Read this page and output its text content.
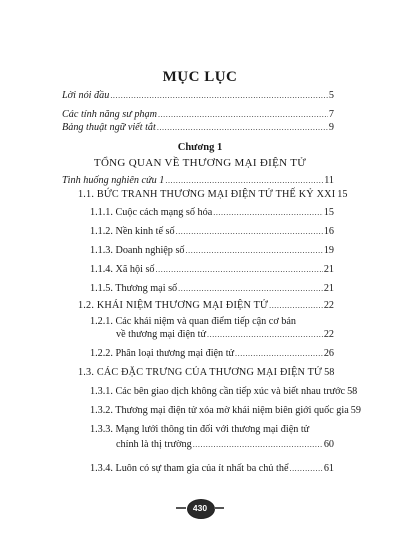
MỤC LỤC
Lời nói đầu .....	5
Các tính năng sư phạm .....	7
Bảng thuật ngữ viết tắt .....	9
Chương 1
TỔNG QUAN VỀ THƯƠNG MẠI ĐIỆN TỬ
Tình huống nghiên cứu 1 .....	11
1.1. BỨC TRANH THƯƠNG MẠI ĐIỆN TỬ THẾ KỶ XXI 15
1.1.1. Cuộc cách mạng số hóa .....	15
1.1.2. Nền kinh tế số .....	16
1.1.3. Doanh nghiệp số .....	19
1.1.4. Xã hội số .....	21
1.1.5. Thương mại số .....	21
1.2. KHÁI NIỆM THƯƠNG MẠI ĐIỆN TỬ .....	22
1.2.1. Các khái niệm và quan điểm tiếp cận cơ bản
về thương mại điện tử .....	22
1.2.2. Phân loại thương mại điện tử .....	26
1.3. CÁC ĐẶC TRƯNG CỦA THƯƠNG MẠI ĐIỆN TỬ 58
1.3.1. Các bên giao dịch không cần tiếp xúc và biết nhau trước 58
1.3.2. Thương mại điện tử xóa mờ khái niệm biên giới quốc gia 59
1.3.3. Mạng lưới thông tin đối với thương mại điện tử
chính là thị trường .....	60
1.3.4. Luôn có sự tham gia của ít nhất ba chủ thể .....	61
430
